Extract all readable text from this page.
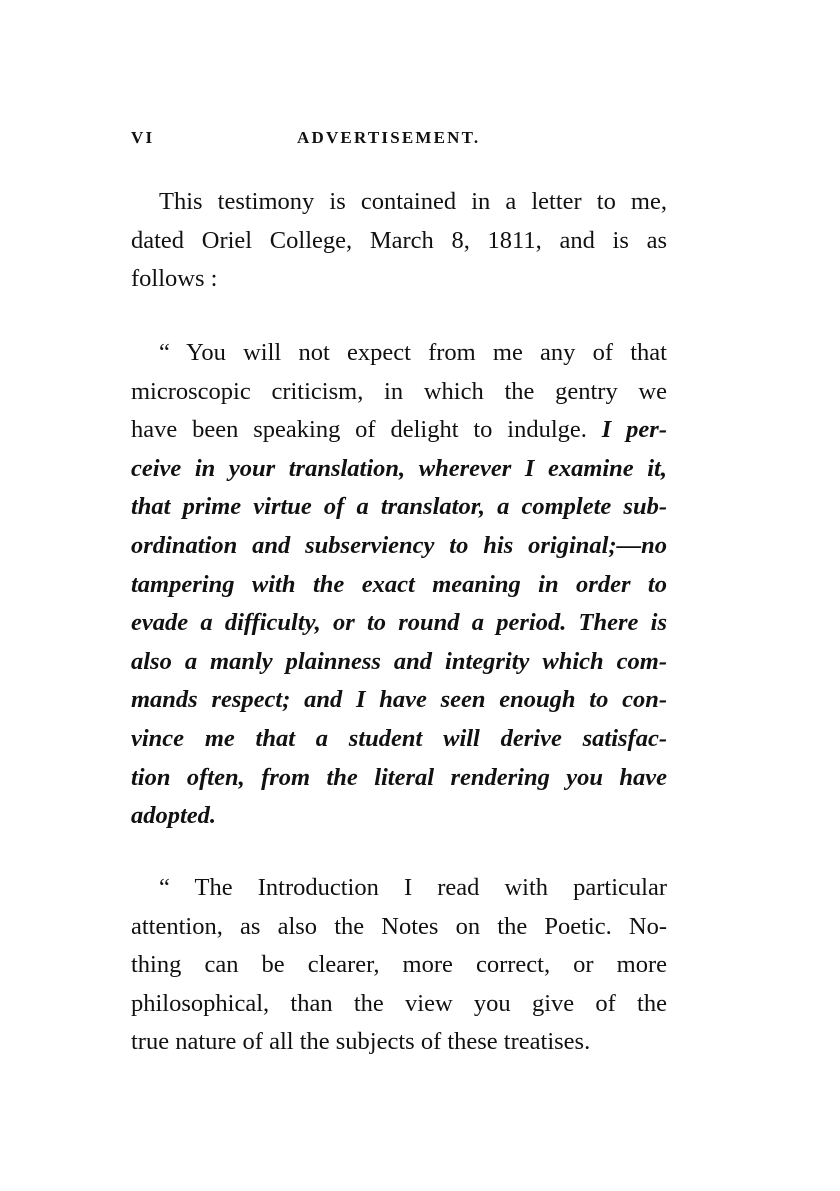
VI	ADVERTISEMENT.
This testimony is contained in a letter to me,
dated Oriel College, March 8, 1811, and is as
follows :
“ You will not expect from me any of that
microscopic criticism, in which the gentry we
have been speaking of delight to indulge. I per-
ceive in your translation, wherever I examine it,
that prime virtue of a translator, a complete sub-
ordination and subserviency to his original;—no
tampering with the exact meaning in order to
evade a difficulty, or to round a period. There is
also a manly plainness and integrity which com-
mands respect; and I have seen enough to con-
vince me that a student will derive satisfac-
tion often, from the literal rendering you have
adopted.
“ The Introduction I read with particular
attention, as also the Notes on the Poetic. No-
thing can be clearer, more correct, or more
philosophical, than the view you give of the
true nature of all the subjects of these treatises.
